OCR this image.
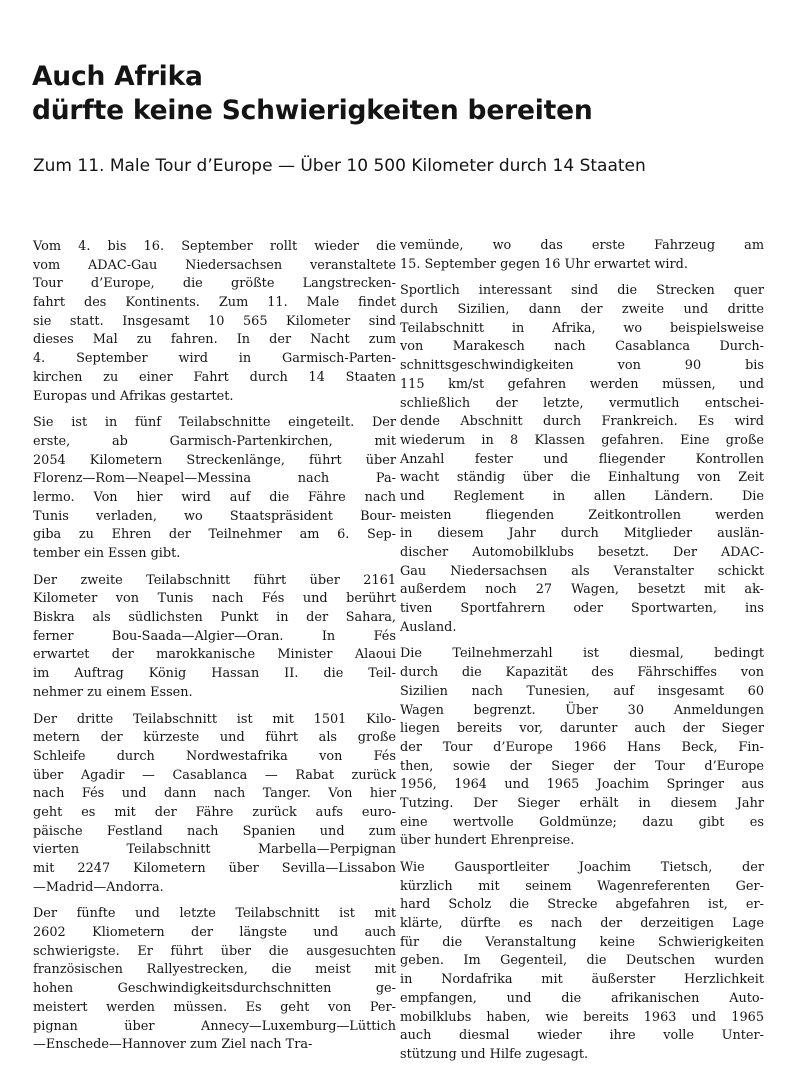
Auch Afrika
dürfte keine Schwierigkeiten bereiten
Zum 11. Male Tour d’Europe — Über 10 500 Kilometer durch 14 Staaten

Vom 4. bis 16. September rollt wieder die
vom ADAC-Gau Niedersachsen veranstaltete
Tour d’Europe, die größte Langstrecken-
fahrt des Kontinents. Zum 11. Male findet
sie statt. Insgesamt 10 565 Kilometer sind
dieses Mal zu fahren. In der Nacht zum
4. September wird in Garmisch-Parten-
kirchen zu einer Fahrt durch 14 Staaten
Europas und Afrikas gestartet.

Sie ist in fünf Teilabschnitte eingeteilt. Der
erste, ab Garmisch-Partenkirchen, mit
2054 Kilometern Streckenlänge, führt über
Florenz—Rom—Neapel—Messina nach Pa-
lermo. Von hier wird auf die Fähre nach
Tunis verladen, wo Staatspräsident Bour-
giba zu Ehren der Teilnehmer am 6. Sep-
tember ein Essen gibt.

Der zweite Teilabschnitt führt über 2161
Kilometer von Tunis nach Fés und berührt
Biskra als südlichsten Punkt in der Sahara,
ferner Bou-Saada—Algier—Oran. In Fés
erwartet der marokkanische Minister Alaoui
im Auftrag König Hassan II. die Teil-
nehmer zu einem Essen.

Der dritte Teilabschnitt ist mit 1501 Kilo-
metern der kürzeste und führt als große
Schleife durch Nordwestafrika von Fés
über Agadir — Casablanca — Rabat zurück
nach Fés und dann nach Tanger. Von hier
geht es mit der Fähre zurück aufs euro-
päische Festland nach Spanien und zum
vierten Teilabschnitt Marbella—Perpignan
mit 2247 Kilometern über Sevilla—Lissabon
—Madrid—Andorra.

Der fünfte und letzte Teilabschnitt ist mit
2602 Kliometern der längste und auch
schwierigste. Er führt über die ausgesuchten
französischen Rallyestrecken, die meist mit
hohen Geschwindigkeitsdurchschnitten ge-
meistert werden müssen. Es geht von Per-
pignan über Annecy—Luxemburg—Lüttich
—Enschede—Hannover zum Ziel nach Tra-

vemünde, wo das erste Fahrzeug am
15. September gegen 16 Uhr erwartet wird.

Sportlich interessant sind die Strecken quer
durch Sizilien, dann der zweite und dritte
Teilabschnitt in Afrika, wo beispielsweise
von Marakesch nach Casablanca Durch-
schnittsgeschwindigkeiten von 90 bis
115 km/st gefahren werden müssen, und
schließlich der letzte, vermutlich entschei-
dende Abschnitt durch Frankreich. Es wird
wiederum in 8 Klassen gefahren. Eine große
Anzahl fester und fliegender Kontrollen
wacht ständig über die Einhaltung von Zeit
und Reglement in allen Ländern. Die
meisten fliegenden Zeitkontrollen werden
in diesem Jahr durch Mitglieder auslän-
discher Automobilklubs besetzt. Der ADAC-
Gau Niedersachsen als Veranstalter schickt
außerdem noch 27 Wagen, besetzt mit ak-
tiven Sportfahrern oder Sportwarten, ins
Ausland.

Die Teilnehmerzahl ist diesmal, bedingt
durch die Kapazität des Fährschiffes von
Sizilien nach Tunesien, auf insgesamt 60
Wagen begrenzt. Über 30 Anmeldungen
liegen bereits vor, darunter auch der Sieger
der Tour d’Europe 1966 Hans Beck, Fin-
then, sowie der Sieger der Tour d’Europe
1956, 1964 und 1965 Joachim Springer aus
Tutzing. Der Sieger erhält in diesem Jahr
eine wertvolle Goldmünze; dazu gibt es
über hundert Ehrenpreise.

Wie Gausportleiter Joachim Tietsch, der
kürzlich mit seinem Wagenreferenten Ger-
hard Scholz die Strecke abgefahren ist, er-
klärte, dürfte es nach der derzeitigen Lage
für die Veranstaltung keine Schwierigkeiten
geben. Im Gegenteil, die Deutschen wurden
in Nordafrika mit äußerster Herzlichkeit
empfangen, und die afrikanischen Auto-
mobilklubs haben, wie bereits 1963 und 1965
auch diesmal wieder ihre volle Unter-
stützung und Hilfe zugesagt.
